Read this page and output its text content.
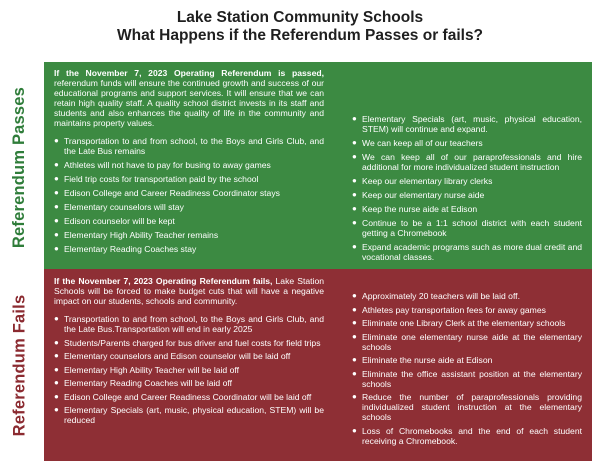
Lake Station Community Schools
What Happens if the Referendum Passes or fails?
Referendum Passes
Referendum Fails

If the November 7, 2023 Operating Referendum is passed, referendum funds will ensure the continued growth and success of our educational programs and support services. It will ensure that we can retain high quality staff. A quality school district invests in its staff and students and also enhances the quality of life in the community and maintains property values.

● Transportation to and from school, to the Boys and Girls Club, and the Late Bus remains
● Athletes will not have to pay for busing to away games
● Field trip costs for transportation paid by the school
● Edison College and Career Readiness Coordinator stays
● Elementary counselors will stay
● Edison counselor will be kept
● Elementary High Ability Teacher remains
● Elementary Reading Coaches stay
● Elementary Specials (art, music, physical education, STEM) will continue and expand.
● We can keep all of our teachers
● We can keep all of our paraprofessionals and hire additional for more individualized student instruction
● Keep our elementary library clerks
● Keep our elementary nurse aide
● Keep the nurse aide at Edison
● Continue to be a 1:1 school district with each student getting a Chromebook
● Expand academic programs such as more dual credit and vocational classes.

If the November 7, 2023 Operating Referendum fails, Lake Station Schools will be forced to make budget cuts that will have a negative impact on our students, schools and community.

● Transportation to and from school, to the Boys and Girls Club, and the Late Bus.Transportation will end in early 2025
● Students/Parents charged for bus driver and fuel costs for field trips
● Elementary counselors and Edison counselor will be laid off
● Elementary High Ability Teacher will be laid off
● Elementary Reading Coaches will be laid off
● Edison College and Career Readiness Coordinator will be laid off
● Elementary Specials (art, music, physical education, STEM) will be reduced
● Approximately 20 teachers will be laid off.
● Athletes pay transportation fees for away games
● Eliminate one Library Clerk at the elementary schools
● Eliminate one elementary nurse aide at the elementary schools
● Eliminate the nurse aide at Edison
● Eliminate the office assistant position at the elementary schools
● Reduce the number of paraprofessionals providing individualized student instruction at the elementary schools
● Loss of Chromebooks and the end of each student receiving a Chromebook.
